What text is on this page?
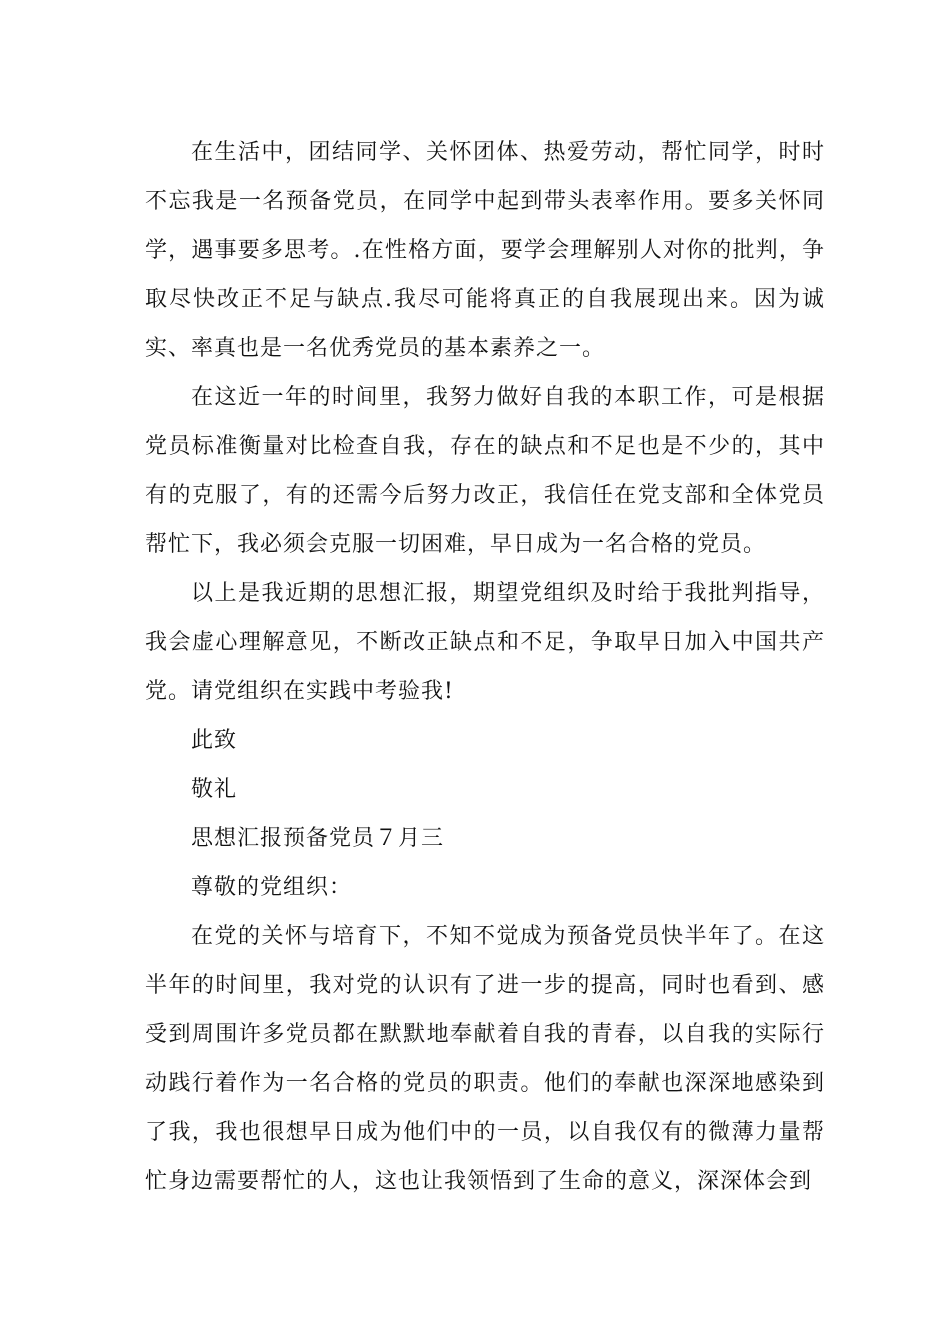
在生活中，团结同学、关怀团体、热爱劳动，帮忙同学，时时不忘我是一名预备党员，在同学中起到带头表率作用。要多关怀同学，遇事要多思考。.在性格方面，要学会理解别人对你的批判，争取尽快改正不足与缺点.我尽可能将真正的自我展现出来。因为诚实、率真也是一名优秀党员的基本素养之一。

在这近一年的时间里，我努力做好自我的本职工作，可是根据党员标准衡量对比检查自我，存在的缺点和不足也是不少的，其中有的克服了，有的还需今后努力改正，我信任在党支部和全体党员帮忙下，我必须会克服一切困难，早日成为一名合格的党员。

以上是我近期的思想汇报，期望党组织及时给于我批判指导，我会虚心理解意见，不断改正缺点和不足，争取早日加入中国共产党。请党组织在实践中考验我!

此致

敬礼

思想汇报预备党员７月三

尊敬的党组织：

在党的关怀与培育下，不知不觉成为预备党员快半年了。在这半年的时间里，我对党的认识有了进一步的提高，同时也看到、感受到周围许多党员都在默默地奉献着自我的青春，以自我的实际行动践行着作为一名合格的党员的职责。他们的奉献也深深地感染到了我，我也很想早日成为他们中的一员，以自我仅有的微薄力量帮忙身边需要帮忙的人，这也让我领悟到了生命的意义，深深体会到
